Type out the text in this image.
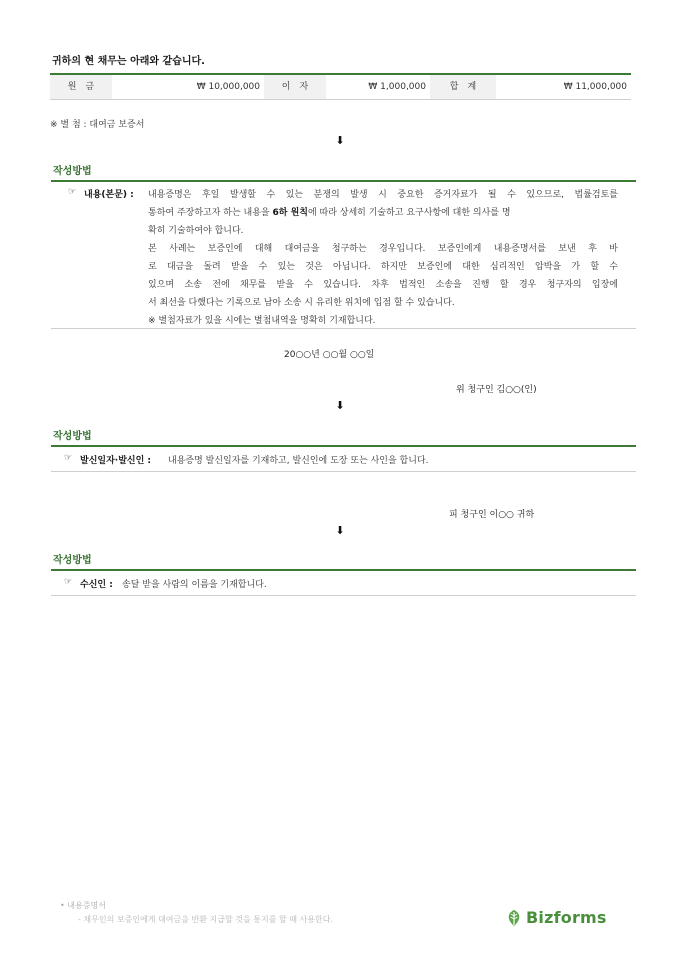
귀하의 현 채무는 아래와 같습니다.
원　금	₩ 10,000,000	이　자	₩ 1,000,000	합　계	₩ 11,000,000
※ 별 첨 : 대여금 보증서
⬇
작성방법
☞ 내용(본문) : 내용증명은 후일 발생할 수 있는 분쟁의 발생 시 중요한 증거자료가 될 수 있으므로, 법률검토를
통하여 주장하고자 하는 내용을 6하 원칙에 따라 상세히 기술하고 요구사항에 대한 의사를 명
확히 기술하여야 합니다.
본 사례는 보증인에 대해 대여금을 청구하는 경우입니다. 보증인에게 내용증명서를 보낸 후 바
로 대금을 돌려 받을 수 있는 것은 아닙니다. 하지만 보증인에 대한 심리적인 압박을 가 할 수
있으며 소송 전에 채무를 받을 수 있습니다. 차후 법적인 소송을 진행 할 경우 청구자의 입장에
서 최선을 다했다는 기록으로 남아 소송 시 유리한 위치에 입점 할 수 있습니다.
※ 별첨자료가 있을 시에는 별첨내역을 명확히 기재합니다.
20○○년 ○○월 ○○일
위 청구인 김○○(인)
⬇
작성방법
☞ 발신일자·발신인 : 내용증명 발신일자를 기재하고, 발신인에 도장 또는 사인을 합니다.
피 청구인 이○○ 귀하
⬇
작성방법
☞ 수신인 : 송달 받을 사람의 이름을 기재합니다.
• 내용증명서
- 채무인의 보증인에게 대여금을 반환 지급할 것을 통지를 할 때 사용한다.	Bizforms
